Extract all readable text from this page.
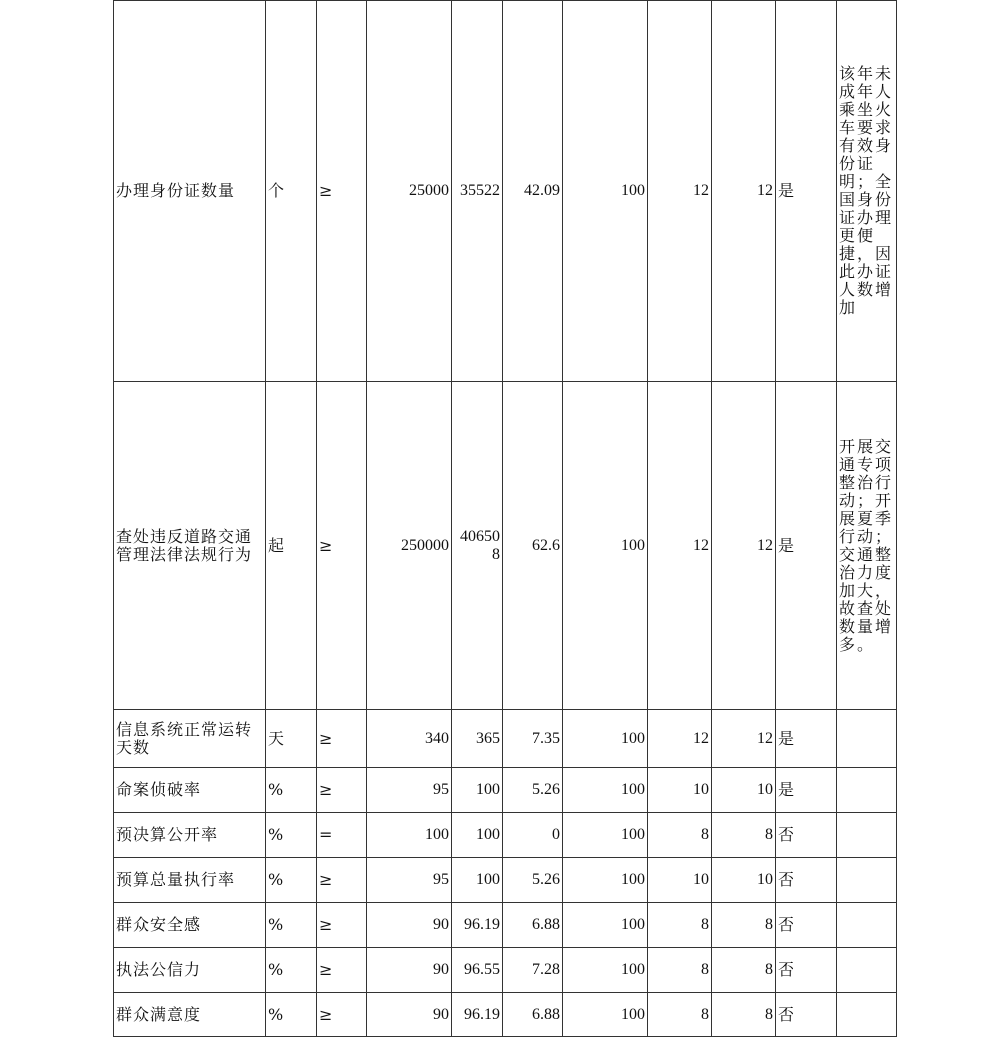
办理身份证数量	个	≥	25000	35522	42.09	100	12	12	是	该年未成年人乘坐火车要求有效身份证明；全国身份证办理更便捷，因此办证人数增加
查处违反道路交通管理法律法规行为	起	≥	250000	406508	62.6	100	12	12	是	开展交通专项整治行动；开展夏季行动；交通整治力度加大，故查处数量增多。
信息系统正常运转天数	天	≥	340	365	7.35	100	12	12	是	
命案侦破率	%	≥	95	100	5.26	100	10	10	是	
预决算公开率	%	=	100	100	0	100	8	8	否	
预算总量执行率	%	≥	95	100	5.26	100	10	10	否	
群众安全感	%	≥	90	96.19	6.88	100	8	8	否	
执法公信力	%	≥	90	96.55	7.28	100	8	8	否	
群众满意度	%	≥	90	96.19	6.88	100	8	8	否	
